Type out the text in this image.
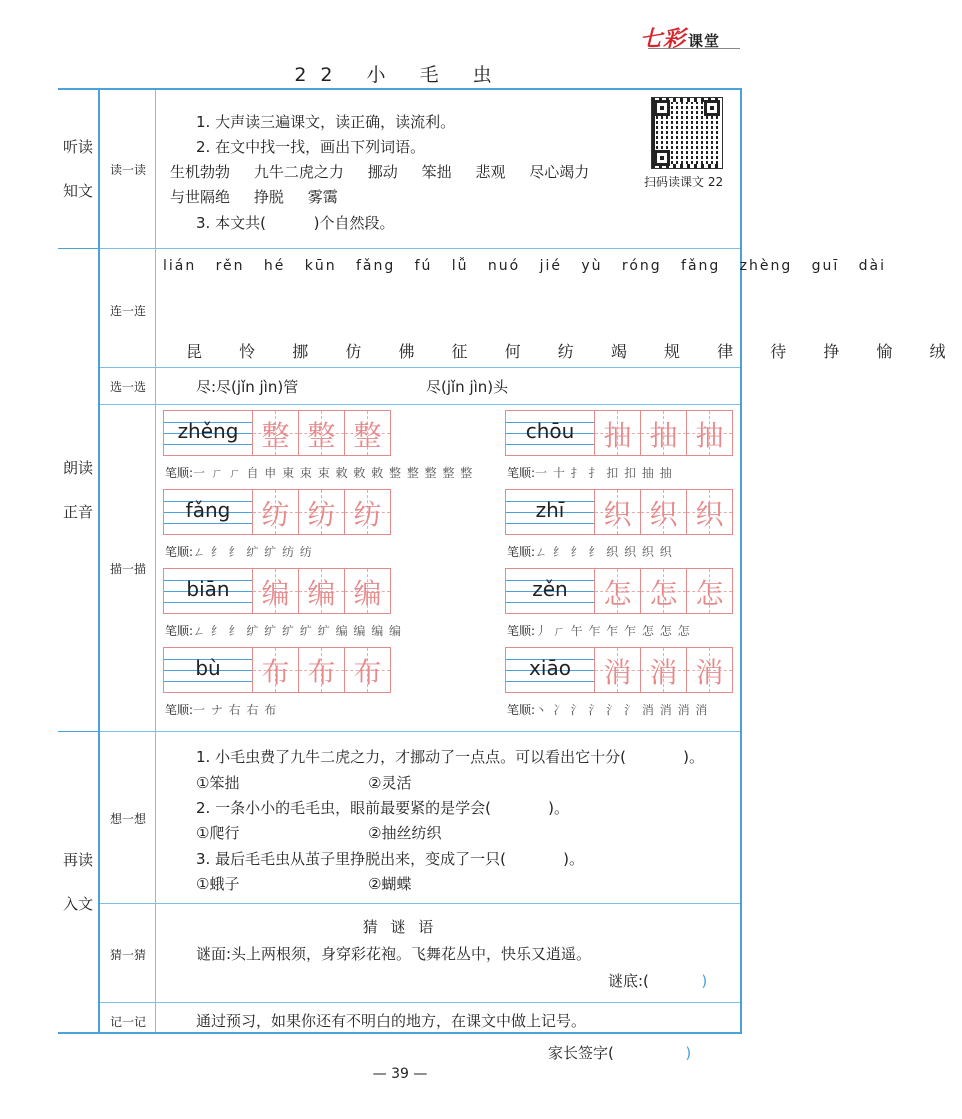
七彩 课堂
22 小 毛 虫
听读

知文
朗读

正音
再读

入文
读一读
1. 大声读三遍课文，读正确，读流利。
2. 在文中找一找，画出下列词语。
生机勃勃 九牛二虎之力 挪动 笨拙 悲观 尽心竭力
与世隔绝 挣脱 雾霭
3. 本文共(	)个自然段。
扫码读课文 22
连一连
lián rěn hé kūn fǎng fú lǚ nuó jié yù róng fǎng zhèng guī dài
昆 怜 挪 仿 佛 征 何 纺 竭 规 律 待 挣 愉 绒
选一选	尽:尽(jǐn jìn)管	尽(jǐn jìn)头
描一描
zhěng 整 整 整
笔顺:一 ㄏ ㄏ 自 申 東 束 束 敕 敕 敕 整 整 整 整 整
chōu	抽 抽 抽
笔顺:一 十 扌 扌 扣 扣 抽 抽
fǎng	纺 纺 纺
笔顺:ㄥ 纟 纟 纩 纩 纺 纺
zhī	织 织 织
笔顺:ㄥ 纟 纟 纟 织 织 织 织
biān	编 编 编
笔顺:ㄥ 纟 纟 纩 纩 纩 纩 纩 编 编 编 编
zěn	怎 怎 怎
笔顺:丿 ㄏ 午 乍 乍 乍 怎 怎 怎
bù	布 布 布
笔顺:一 ナ 右 右 布
xiāo	消 消 消
笔顺:丶 冫 氵 氵 氵 氵 消 消 消 消
想一想
1. 小毛虫费了九牛二虎之力，才挪动了一点点。可以看出它十分(	)。
①笨拙	②灵活
2. 一条小小的毛毛虫，眼前最要紧的是学会(	)。
①爬行	②抽丝纺织
3. 最后毛毛虫从茧子里挣脱出来，变成了一只(	)。
①蛾子	②蝴蝶
猜一猜
猜 谜 语
谜面:头上两根须，身穿彩花袍。飞舞花丛中，快乐又逍遥。
谜底:(	)
记一记	通过预习，如果你还有不明白的地方，在课文中做上记号。
家长签字(	)
— 39 —
